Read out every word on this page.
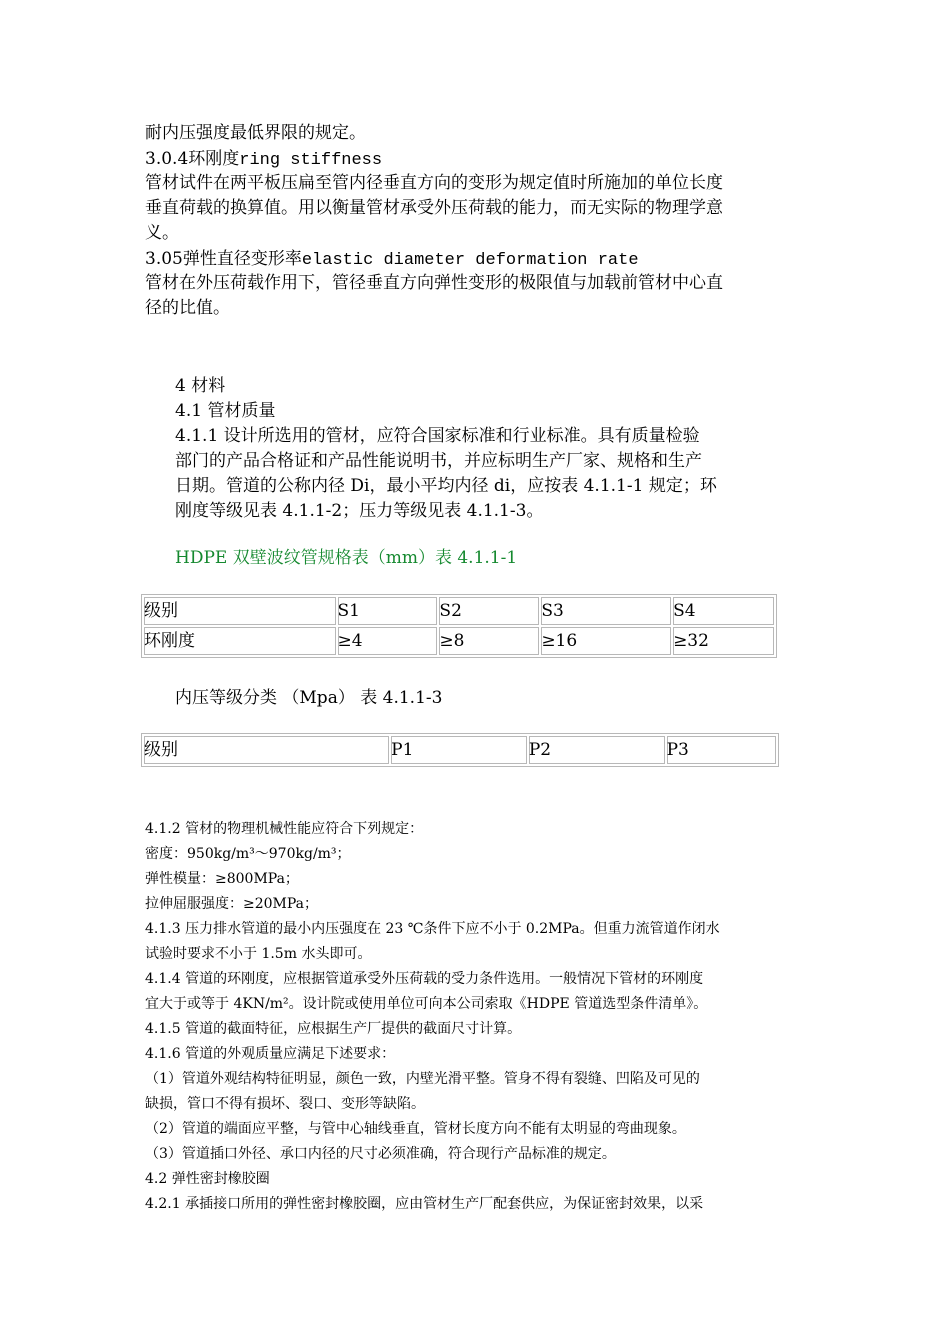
耐内压强度最低界限的规定。
3.0.4环刚度ring stiffness
管材试件在两平板压扁至管内径垂直方向的变形为规定值时所施加的单位长度
垂直荷载的换算值。用以衡量管材承受外压荷载的能力，而无实际的物理学意
义。
3.05弹性直径变形率elastic diameter deformation rate
管材在外压荷载作用下，管径垂直方向弹性变形的极限值与加载前管材中心直
径的比值。
4 材料
4.1 管材质量
4.1.1 设计所选用的管材，应符合国家标准和行业标准。具有质量检验
部门的产品合格证和产品性能说明书，并应标明生产厂家、规格和生产
日期。管道的公称内径 Di，最小平均内径 di，应按表 4.1.1-1 规定；环
刚度等级见表 4.1.1-2；压力等级见表 4.1.1-3。
HDPE 双壁波纹管规格表（mm）表 4.1.1-1
级别	S1	S2	S3	S4

环刚度	≥4	≥8	≥16	≥32
内压等级分类 （Mpa） 表 4.1.1-3
级别	P1	P2	P3
4.1.2 管材的物理机械性能应符合下列规定：
密度：950kg/m³～970kg/m³；
弹性模量：≥800MPa；
拉伸屈服强度：≥20MPa；
4.1.3 压力排水管道的最小内压强度在 23 ℃条件下应不小于 0.2MPa。但重力流管道作闭水
试验时要求不小于 1.5m 水头即可。
4.1.4 管道的环刚度，应根据管道承受外压荷载的受力条件选用。一般情况下管材的环刚度
宜大于或等于 4KN/m²。设计院或使用单位可向本公司索取《HDPE 管道选型条件清单》。
4.1.5 管道的截面特征，应根据生产厂提供的截面尺寸计算。
4.1.6 管道的外观质量应满足下述要求：
（1）管道外观结构特征明显，颜色一致，内壁光滑平整。管身不得有裂缝、凹陷及可见的
缺损，管口不得有损坏、裂口、变形等缺陷。
（2）管道的端面应平整，与管中心轴线垂直，管材长度方向不能有太明显的弯曲现象。
（3）管道插口外径、承口内径的尺寸必须准确，符合现行产品标准的规定。
4.2 弹性密封橡胶圈
4.2.1 承插接口所用的弹性密封橡胶圈，应由管材生产厂配套供应，为保证密封效果，以采
